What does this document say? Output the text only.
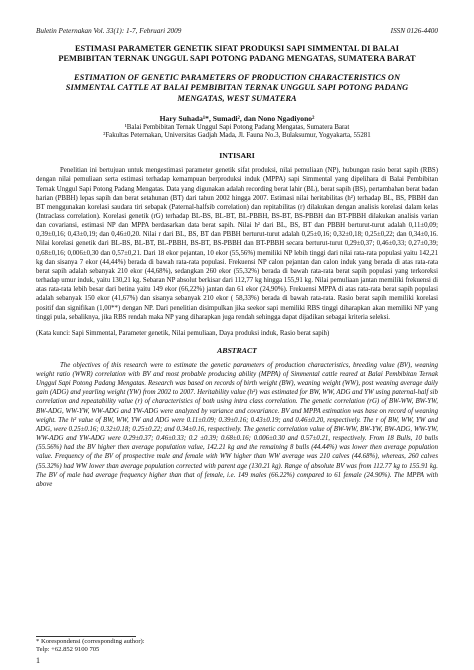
Buletin Peternakan Vol. 33(1): 1-7, Februari 2009	ISSN 0126-4400
ESTIMASI PARAMETER GENETIK SIFAT PRODUKSI SAPI SIMMENTAL DI BALAI
PEMBIBITAN TERNAK UNGGUL SAPI POTONG PADANG MENGATAS, SUMATERA BARAT
ESTIMATION OF GENETIC PARAMETERS OF PRODUCTION CHARACTERISTICS ON
SIMMENTAL CATTLE AT BALAI PEMBIBITAN TERNAK UNGGUL SAPI POTONG PADANG
MENGATAS, WEST SUMATERA
Hary Suhada¹*, Sumadi², dan Nono Ngadiyono²
¹Balai Pembibitan Ternak Unggul Sapi Potong Padang Mengatas, Sumatera Barat
²Fakultas Peternakan, Universitas Gadjah Mada, Jl. Fauna No.3, Bulaksumur, Yogyakarta, 55281
INTISARI

Penelitian ini bertujuan untuk mengestimasi parameter genetik sifat produksi, nilai pemuliaan (NP), hubungan rasio berat sapih (RBS) dengan nilai pemuliaan serta estimasi terhadap kemampuan berproduksi induk (MPPA) sapi Simmental yang dipelihara di Balai Pembibitan Ternak Unggul Sapi Potong Padang Mengatas. Data yang digunakan adalah recording berat lahir (BL), berat sapih (BS), pertambahan berat badan harian (PBBH) lepas sapih dan berat setahunan (BT) dari tahun 2002 hingga 2007. Estimasi nilai heritabilitas (h²) terhadap BL, BS, PBBH dan BT menggunakan korelasi saudara tiri sebapak (Paternal-halfsib correlation) dan repitabilitas (r) dilakukan dengan analisis korelasi dalam kelas (Intraclass correlation). Korelasi genetik (rG) terhadap BL-BS, BL-BT, BL-PBBH, BS-BT, BS-PBBH dan BT-PBBH dilakukan analisis varian dan covariansi, estimasi NP dan MPPA berdasarkan data berat sapih. Nilai h² dari BL, BS, BT dan PBBH berturut-turut adalah 0,11±0,09; 0,39±0,16; 0,43±0,19; dan 0,46±0,20. Nilai r dari BL, BS, BT dan PBBH berturut-turut adalah 0,25±0,16; 0,32±0,18; 0,25±0,22; dan 0,34±0,16. Nilai korelasi genetik dari BL-BS, BL-BT, BL-PBBH, BS-BT, BS-PBBH dan BT-PBBH secara berturut-turut 0,29±0,37; 0,46±0,33; 0,27±0,39; 0,68±0,16; 0,006±0,30 dan 0,57±0,21. Dari 18 ekor pejantan, 10 ekor (55,56%) memiliki NP lebih tinggi dari nilai rata-rata populasi yaitu 142,21 kg dan sisanya 7 ekor (44,44%) berada di bawah rata-rata populasi. Frekuensi NP calon pejantan dan calon induk yang berada di atas rata-rata berat sapih adalah sebanyak 210 ekor (44,68%), sedangkan 260 ekor (55,32%) berada di bawah rata-rata berat sapih populasi yang terkoreksi terhadap umur induk, yaitu 130,21 kg. Sebaran NP absolut berkisar dari 112,77 kg hingga 155,91 kg. Nilai pemuliaan jantan memiliki frekuensi di atas rata-rata lebih besar dari betina yaitu 149 ekor (66,22%) jantan dan 61 ekor (24,90%). Frekuensi MPPA di atas rata-rata berat sapih populasi adalah sebanyak 150 ekor (41,67%) dan sisanya sebanyak 210 ekor ( 58,33%) berada di bawah rata-rata. Rasio berat sapih memiliki korelasi positif dan signifikan (1,00**) dengan NP. Dari penelitian disimpulkan jika seekor sapi memiliki RBS tinggi diharapkan akan memiliki NP yang tinggi pula, sebaliknya, jika RBS rendah maka NP yang diharapkan juga rendah sehingga dapat dijadikan sebagai kriteria seleksi.

(Kata kunci: Sapi Simmental, Parameter genetik, Nilai pemuliaan, Daya produksi induk, Rasio berat sapih)

ABSTRACT

The objectives of this research were to estimate the genetic parameters of production characteristics, breeding value (BV), weaning weight ratio (WWR) correlation with BV and most probable producing ability (MPPA) of Simmental cattle reared at Balai Pembibitan Ternak Unggul Sapi Potong Padang Mengatas. Research was based on records of birth weight (BW), weaning weight (WW), post weaning average daily gain (ADG) and yearling weight (YW) from 2002 to 2007. Heritability value (h²) was estimated for BW, WW, ADG and YW using paternal-half sib correlation and repeatability value (r) of characteristics of both using intra class correlation. The genetic correlation (rG) of BW-WW, BW-YW, BW-ADG, WW-YW, WW-ADG and YW-ADG were analyzed by variance and covariance. BV and MPPA estimation was base on record of weaning weight. The h² value of BW, WW, YW and ADG were 0.11±0.09; 0.39±0.16; 0.43±0.19; and 0.46±0.20, respectively. The r of BW, WW, YW and ADG, were 0.25±0.16; 0.32±0.18; 0.25±0.22; and 0.34±0.16, respectively. The genetic correlation value of BW-WW, BW-YW, BW-ADG, WW-YW, WW-ADG and YW-ADG were 0.29±0.37; 0.46±0.33; 0.2 ±0.39; 0.68±0.16; 0.006±0.30 and 0.57±0.21, respectively. From 18 Bulls, 10 bulls (55.56%) had the BV higher then average population value, 142.21 kg and the remaining 8 bulls (44.44%) was lower then average population value. Frequency of the BV of prospective male and female with WW higher than WW average was 210 calves (44.68%), whereas, 260 calves (55.32%) had WW lower than average population corrected with parent age (130.21 kg). Range of absolute BV was from 112.77 kg to 155.91 kg. The BV of male had average frequency higher than that of female, i.e. 149 males (66.22%) compared to 61 female (24.90%). The MPPA with above

* Korespondensi (corresponding author):
Telp: +62.852 9100 705
1
